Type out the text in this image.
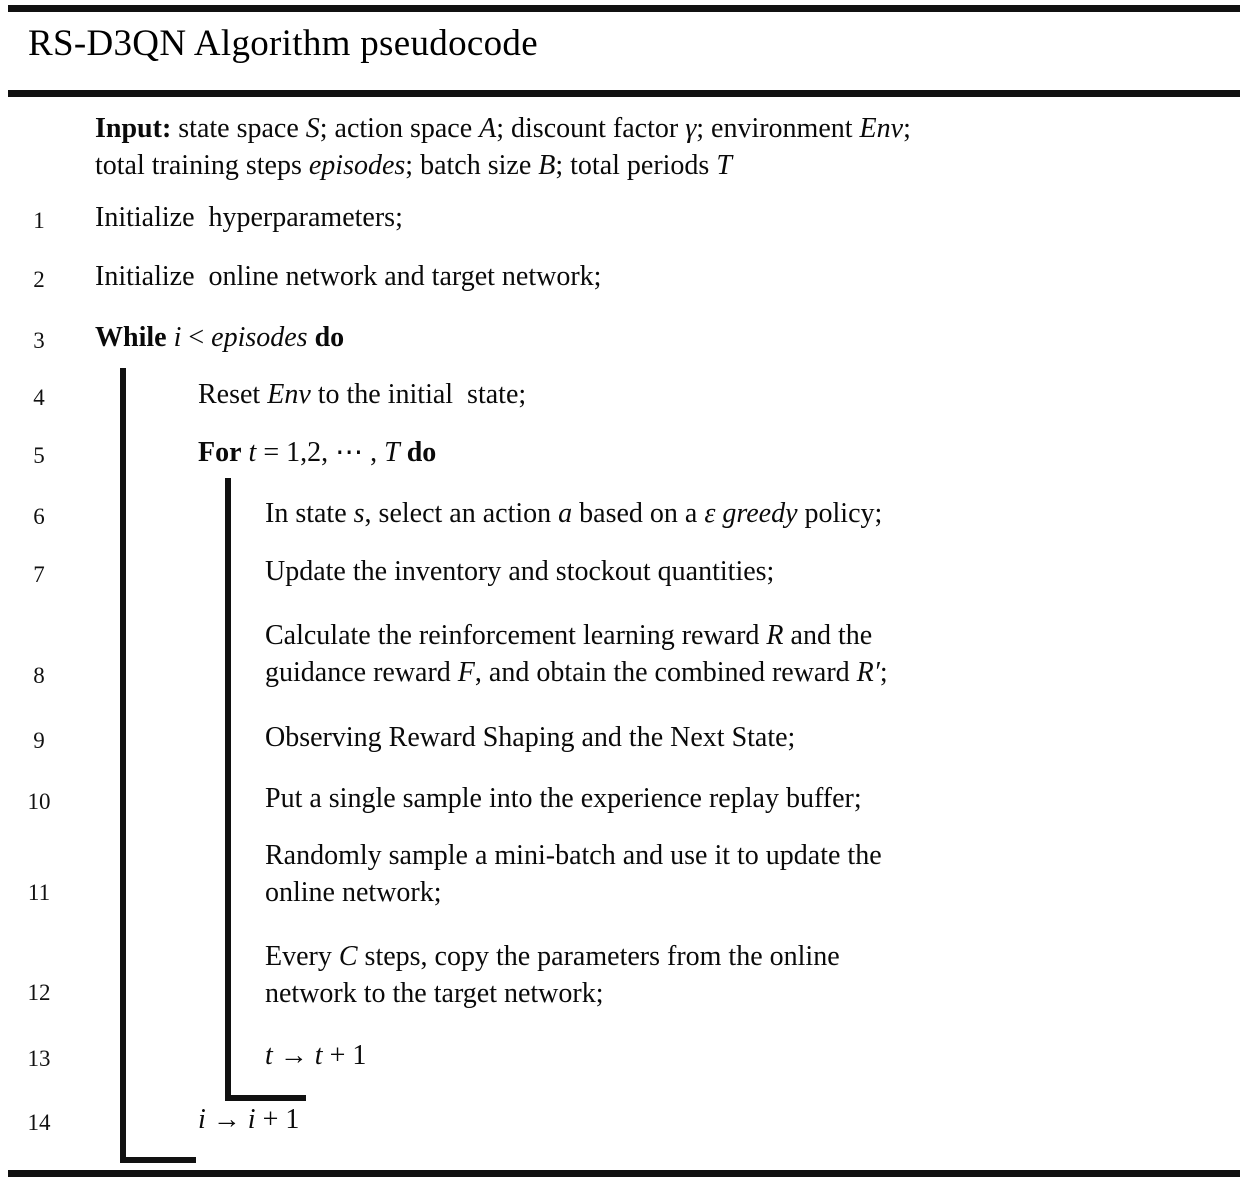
RS-D3QN Algorithm pseudocode
Input: state space S; action space A; discount factor γ; environment Env;
total training steps episodes; batch size B; total periods T
1
2
3
4
5
6
7
8
9
10
11
12
13
14
Initialize  hyperparameters;
Initialize  online network and target network;
While i < episodes do
Reset Env to the initial  state;
For t = 1,2, ⋯ , T do
In state s, select an action a based on a ε greedy policy;
Update the inventory and stockout quantities;
Calculate the reinforcement learning reward R and the
guidance reward F, and obtain the combined reward R′;
Observing Reward Shaping and the Next State;
Put a single sample into the experience replay buffer;
Randomly sample a mini-batch and use it to update the
online network;
Every C steps, copy the parameters from the online
network to the target network;
t → t + 1
i → i + 1
